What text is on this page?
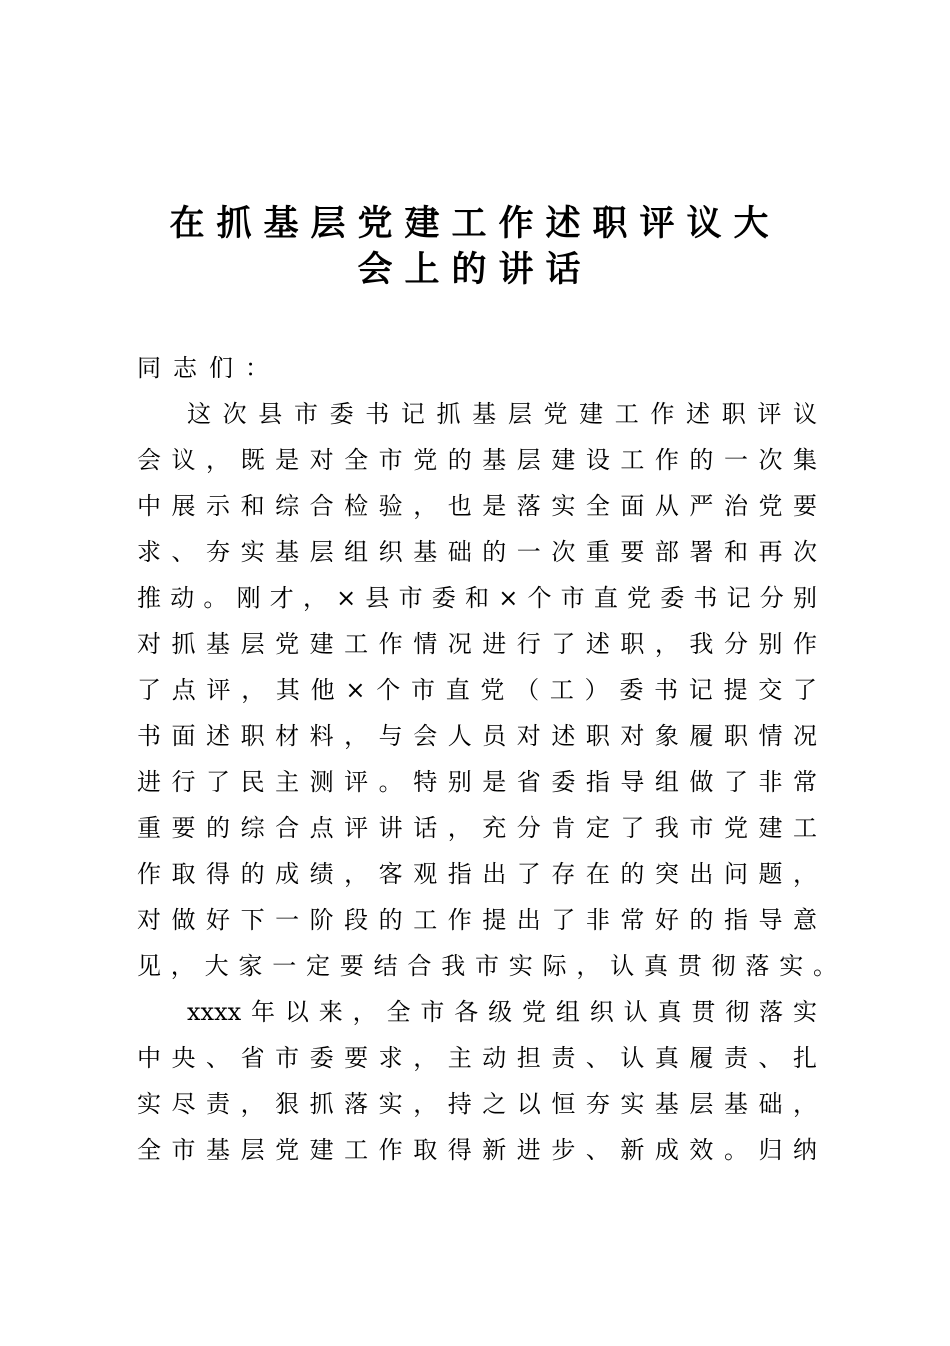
在抓基层党建工作述职评议大
会上的讲话

同志们：

这次县市委书记抓基层党建工作述职评议

会议，既是对全市党的基层建设工作的一次集

中展示和综合检验，也是落实全面从严治党要

求、夯实基层组织基础的一次重要部署和再次

推动。刚才，×县市委和×个市直党委书记分别

对抓基层党建工作情况进行了述职，我分别作

了点评，其他×个市直党（工）委书记提交了

书面述职材料，与会人员对述职对象履职情况

进行了民主测评。特别是省委指导组做了非常

重要的综合点评讲话，充分肯定了我市党建工

作取得的成绩，客观指出了存在的突出问题，

对做好下一阶段的工作提出了非常好的指导意

见，大家一定要结合我市实际，认真贯彻落实。

xxxx年以来，全市各级党组织认真贯彻落实

中央、省市委要求，主动担责、认真履责、扎

实尽责，狠抓落实，持之以恒夯实基层基础，

全市基层党建工作取得新进步、新成效。归纳
